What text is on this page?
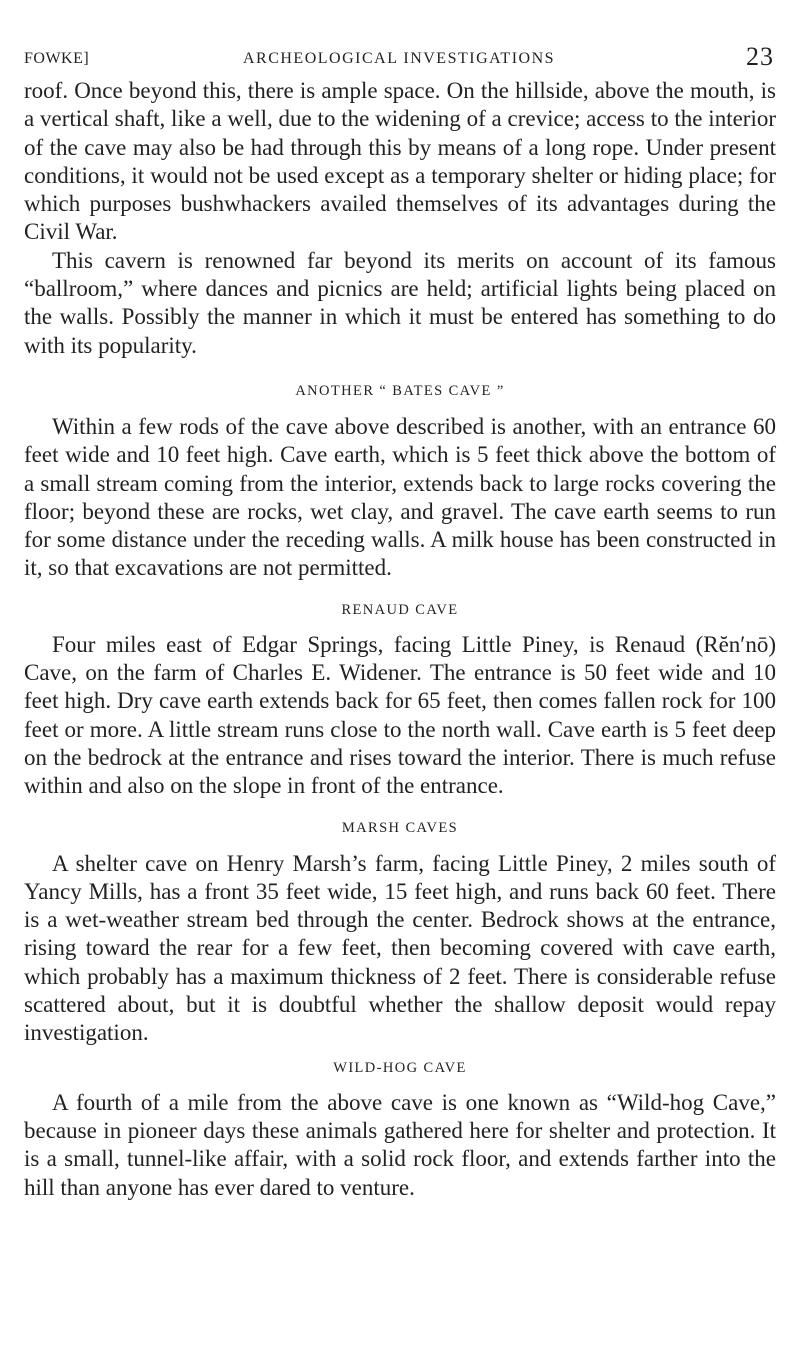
FOWKE]	ARCHEOLOGICAL INVESTIGATIONS	23

roof. Once beyond this, there is ample space. On the hillside, above the mouth, is a vertical shaft, like a well, due to the widening of a crevice; access to the interior of the cave may also be had through this by means of a long rope. Under present conditions, it would not be used except as a temporary shelter or hiding place; for which purposes bushwhackers availed themselves of its advantages during the Civil War.

This cavern is renowned far beyond its merits on account of its famous “ballroom,” where dances and picnics are held; artificial lights being placed on the walls. Possibly the manner in which it must be entered has something to do with its popularity.

ANOTHER “ BATES CAVE ”

Within a few rods of the cave above described is another, with an entrance 60 feet wide and 10 feet high. Cave earth, which is 5 feet thick above the bottom of a small stream coming from the interior, extends back to large rocks covering the floor; beyond these are rocks, wet clay, and gravel. The cave earth seems to run for some distance under the receding walls. A milk house has been constructed in it, so that excavations are not permitted.

RENAUD CAVE

Four miles east of Edgar Springs, facing Little Piney, is Renaud (Rĕn′nō) Cave, on the farm of Charles E. Widener. The entrance is 50 feet wide and 10 feet high. Dry cave earth extends back for 65 feet, then comes fallen rock for 100 feet or more. A little stream runs close to the north wall. Cave earth is 5 feet deep on the bedrock at the entrance and rises toward the interior. There is much refuse within and also on the slope in front of the entrance.

MARSH CAVES

A shelter cave on Henry Marsh’s farm, facing Little Piney, 2 miles south of Yancy Mills, has a front 35 feet wide, 15 feet high, and runs back 60 feet. There is a wet-weather stream bed through the center. Bedrock shows at the entrance, rising toward the rear for a few feet, then becoming covered with cave earth, which probably has a maximum thickness of 2 feet. There is considerable refuse scattered about, but it is doubtful whether the shallow deposit would repay investigation.

WILD-HOG CAVE

A fourth of a mile from the above cave is one known as “Wild-hog Cave,” because in pioneer days these animals gathered here for shelter and protection. It is a small, tunnel-like affair, with a solid rock floor, and extends farther into the hill than anyone has ever dared to venture.
